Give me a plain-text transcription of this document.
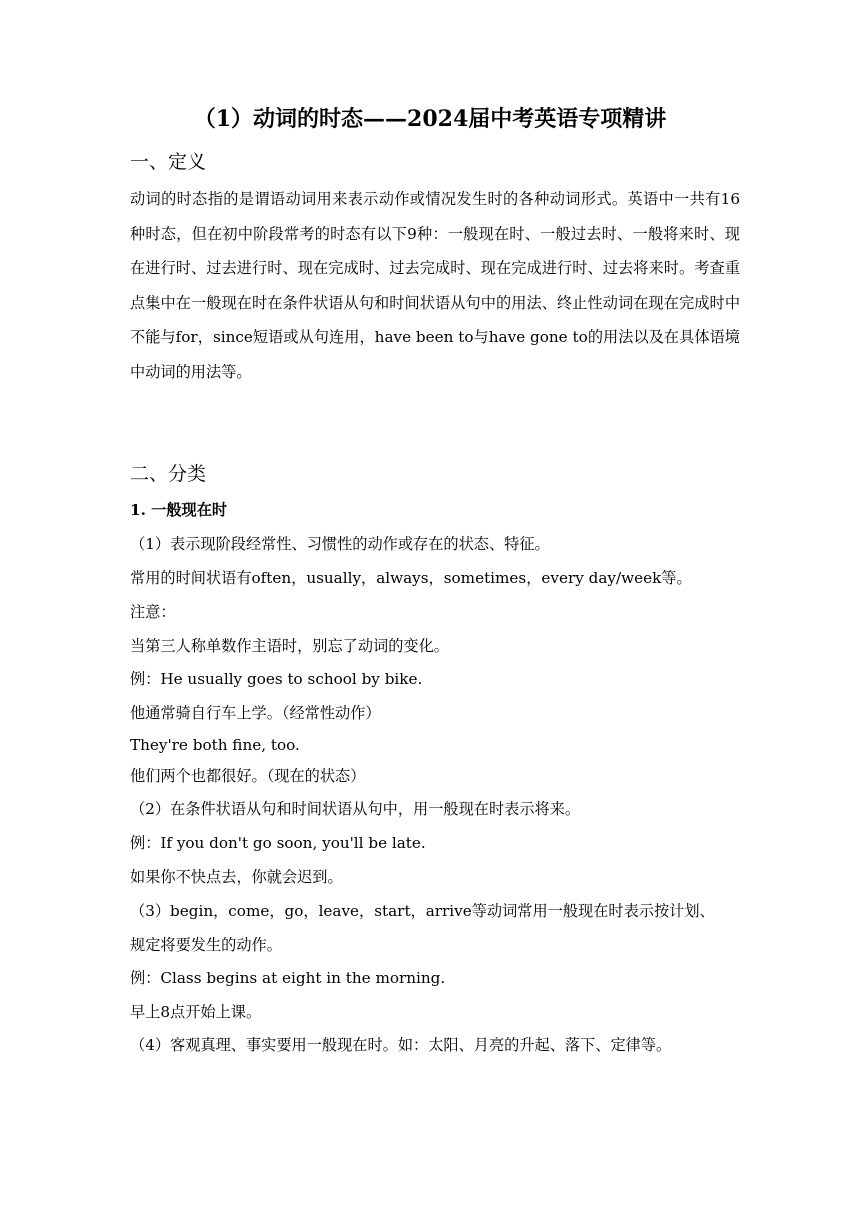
（1）动词的时态——2024届中考英语专项精讲
一、定义
动词的时态指的是谓语动词用来表示动作或情况发生时的各种动词形式。英语中一共有16种时态，但在初中阶段常考的时态有以下9种：一般现在时、一般过去时、一般将来时、现在进行时、过去进行时、现在完成时、过去完成时、现在完成进行时、过去将来时。考查重点集中在一般现在时在条件状语从句和时间状语从句中的用法、终止性动词在现在完成时中不能与for，since短语或从句连用，have been to与have gone to的用法以及在具体语境中动词的用法等。
二、分类
1. 一般现在时
（1）表示现阶段经常性、习惯性的动作或存在的状态、特征。
常用的时间状语有often，usually，always，sometimes，every day/week等。
注意：
当第三人称单数作主语时，别忘了动词的变化。
例：He usually goes to school by bike.
他通常骑自行车上学。（经常性动作）
They're both fine, too.
他们两个也都很好。（现在的状态）
（2）在条件状语从句和时间状语从句中，用一般现在时表示将来。
例：If you don't go soon, you'll be late.
如果你不快点去，你就会迟到。
（3）begin，come，go，leave，start，arrive等动词常用一般现在时表示按计划、规定将要发生的动作。
例：Class begins at eight in the morning.
早上8点开始上课。
（4）客观真理、事实要用一般现在时。如：太阳、月亮的升起、落下、定律等。
